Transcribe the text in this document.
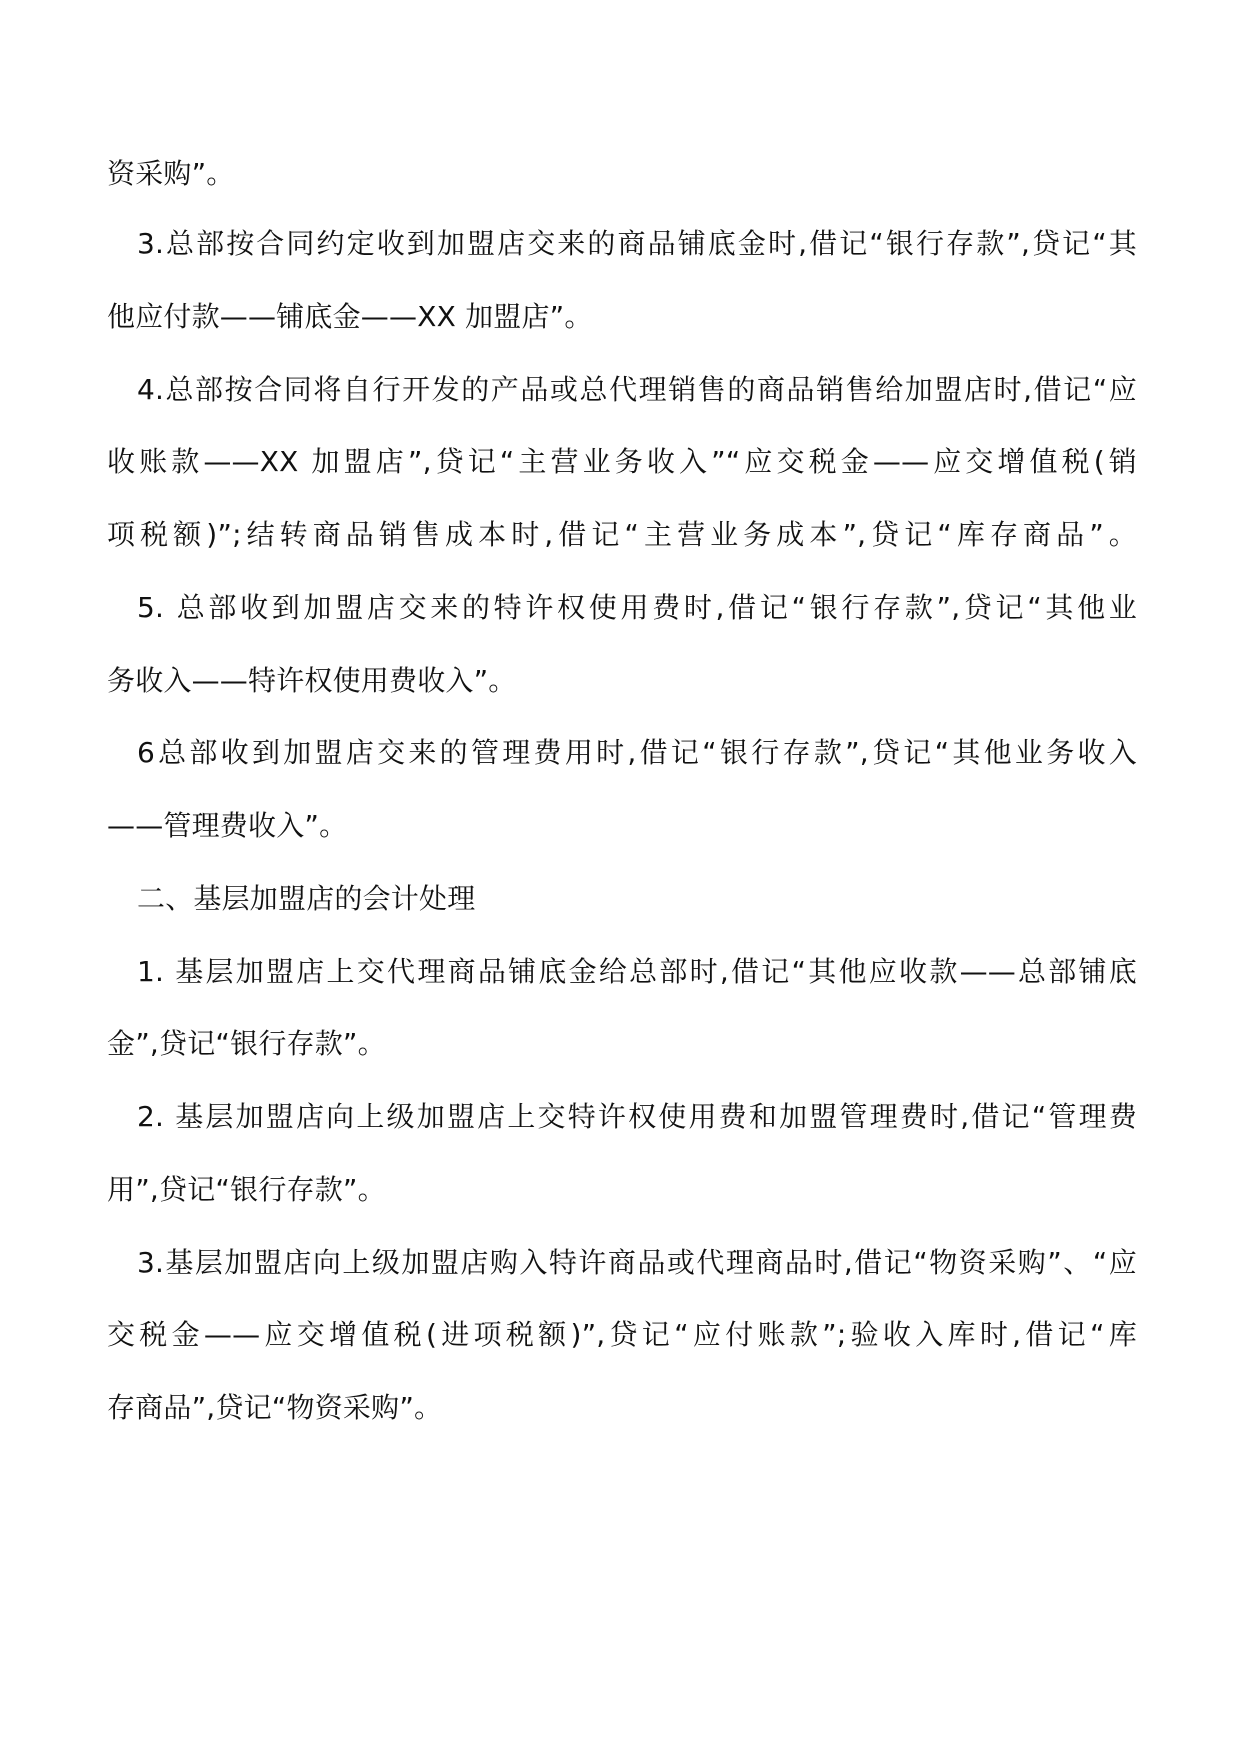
资采购”。
3.总部按合同约定收到加盟店交来的商品铺底金时,借记“银行存款”,贷记“其
他应付款——铺底金——XX 加盟店”。
4.总部按合同将自行开发的产品或总代理销售的商品销售给加盟店时,借记“应
收账款——XX 加盟店”,贷记“主营业务收入”“应交税金——应交增值税(销
项税额)”;结转商品销售成本时,借记“主营业务成本”,贷记“库存商品”。
5. 总部收到加盟店交来的特许权使用费时,借记“银行存款”,贷记“其他业
务收入——特许权使用费收入”。
6总部收到加盟店交来的管理费用时,借记“银行存款”,贷记“其他业务收入
——管理费收入”。
二、基层加盟店的会计处理
1. 基层加盟店上交代理商品铺底金给总部时,借记“其他应收款——总部铺底
金”,贷记“银行存款”。
2. 基层加盟店向上级加盟店上交特许权使用费和加盟管理费时,借记“管理费
用”,贷记“银行存款”。
3.基层加盟店向上级加盟店购入特许商品或代理商品时,借记“物资采购”、“应
交税金——应交增值税(进项税额)”,贷记“应付账款”;验收入库时,借记“库
存商品”,贷记“物资采购”。
